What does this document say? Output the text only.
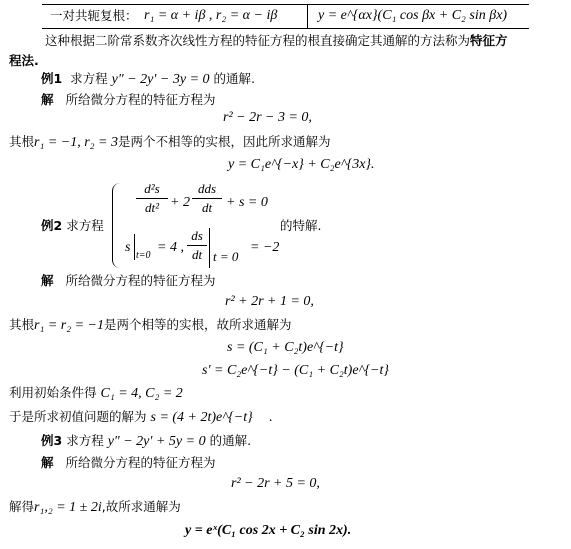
一对共轭复根： r₁ = α + iβ , r₂ = α − iβ	y = e^{αx}(C₁ cos βx + C₂ sin βx)
这种根据二阶常系数齐次线性方程的特征方程的根直接确定其通解的方法称为特征方
程法.
例1 求方程 y″ − 2y′ − 3y = 0 的通解.
解 所给微分方程的特征方程为
r² − 2r − 3 = 0,
其根r₁ = −1, r₂ = 3是两个不相等的实根，因此所求通解为
y = C₁e^{−x} + C₂e^{3x}.
例2 求方程
d²s
dt² + 2
dds
dt + s = 0
s
t=0
= 4 ,
ds
dt t = 0
= −2
的特解.
解 所给微分方程的特征方程为
r² + 2r + 1 = 0,
其根r₁ = r₂ = −1是两个相等的实根，故所求通解为
s = (C₁ + C₂t)e^{−t}
s′ = C₂e^{−t} − (C₁ + C₂t)e^{−t}
利用初始条件得 C₁ = 4, C₂ = 2
于是所求初值问题的解为 s = (4 + 2t)e^{−t} .
例3 求方程 y″ − 2y′ + 5y = 0 的通解.
解 所给微分方程的特征方程为
r² − 2r + 5 = 0,
解得r₁,₂ = 1 ± 2i,故所求通解为
y = eˣ(C₁ cos 2x + C₂ sin 2x).
